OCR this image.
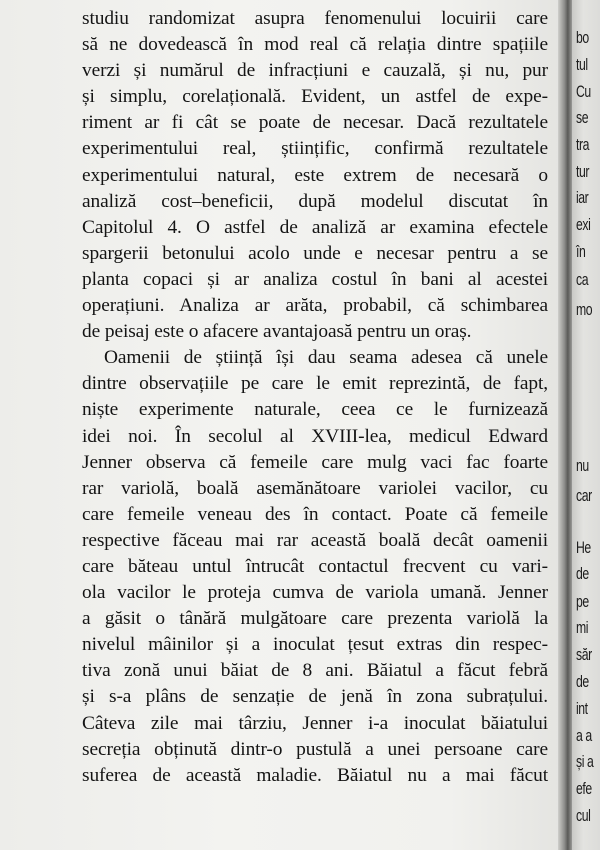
studiu randomizat asupra fenomenului locuirii care
să ne dovedească în mod real că relația dintre spațiile
verzi și numărul de infracțiuni e cauzală, și nu, pur
și simplu, corelațională. Evident, un astfel de expe-
riment ar fi cât se poate de necesar. Dacă rezultatele
experimentului real, științific, confirmă rezultatele
experimentului natural, este extrem de necesară o
analiză cost–beneficii, după modelul discutat în
Capitolul 4. O astfel de analiză ar examina efectele
spargerii betonului acolo unde e necesar pentru a se
planta copaci și ar analiza costul în bani al acestei
operațiuni. Analiza ar arăta, probabil, că schimbarea
de peisaj este o afacere avantajoasă pentru un oraș.
Oamenii de știință își dau seama adesea că unele
dintre observațiile pe care le emit reprezintă, de fapt,
niște experimente naturale, ceea ce le furnizează
idei noi. În secolul al XVIII-lea, medicul Edward
Jenner observa că femeile care mulg vaci fac foarte
rar variolă, boală asemănătoare variolei vacilor, cu
care femeile veneau des în contact. Poate că femeile
respective făceau mai rar această boală decât oamenii
care băteau untul întrucât contactul frecvent cu vari-
ola vacilor le proteja cumva de variola umană. Jenner
a găsit o tânără mulgătoare care prezenta variolă la
nivelul mâinilor și a inoculat țesut extras din respec-
tiva zonă unui băiat de 8 ani. Băiatul a făcut febră
și s-a plâns de senzație de jenă în zona subrațului.
Câteva zile mai târziu, Jenner i-a inoculat băiatului
secreția obținută dintr-o pustulă a unei persoane care
suferea de această maladie. Băiatul nu a mai făcut
bo
tul
Cu
se
tra
tur
iar
exi
în
ca
mo
nu
car
He
de
pe
mi
săr
de
int
a a
și a
efe
cul
